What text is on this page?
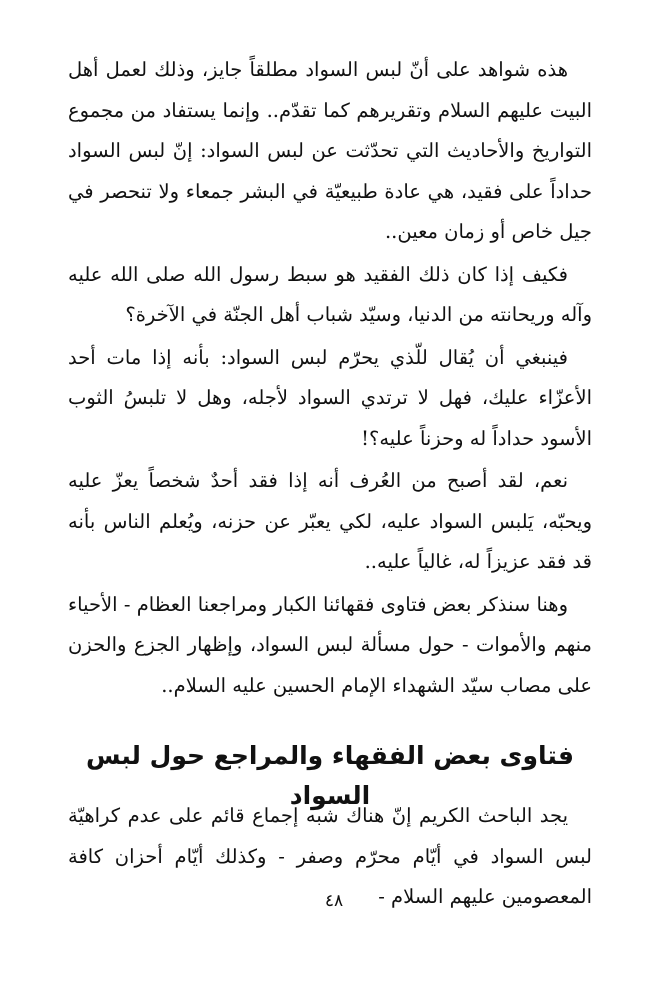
هذه شواهد على أنّ لبس السواد مطلقاً جايز، وذلك لعمل أهل البيت عليهم السلام وتقريرهم كما تقدّم.. وإنما يستفاد من مجموع التواريخ والأحاديث التي تحدّثت عن لبس السواد: إنّ لبس السواد حداداً على فقيد، هي عادة طبيعيّة في البشر جمعاء ولا تنحصر في جيل خاص أو زمان معين..

فكيف إذا كان ذلك الفقيد هو سبط رسول الله صلى الله عليه وآله وريحانته من الدنيا، وسيّد شباب أهل الجنّة في الآخرة؟

فينبغي أن يُقال للّذي يحرّم لبس السواد: بأنه إذا مات أحد الأعزّاء عليك، فهل لا ترتدي السواد لأجله، وهل لا تلبسُ الثوب الأسود حداداً له وحزناً عليه؟!

نعم، لقد أصبح من العُرف أنه إذا فقد أحدٌ شخصاً يعزّ عليه ويحبّه، يَلبس السواد عليه، لكي يعبّر عن حزنه، ويُعلم الناس بأنه قد فقد عزيزاً له، غالياً عليه..

وهنا سنذكر بعض فتاوى فقهائنا الكبار ومراجعنا العظام - الأحياء منهم والأموات - حول مسألة لبس السواد، وإظهار الجزع والحزن على مصاب سيّد الشهداء الإمام الحسين عليه السلام..

فتاوى بعض الفقهاء والمراجع حول لبس السواد

يجد الباحث الكريم إنّ هناك شبه إجماع قائم على عدم كراهيّة لبس السواد في أيّام محرّم وصفر - وكذلك أيّام أحزان كافة المعصومين عليهم السلام -

٤٨
